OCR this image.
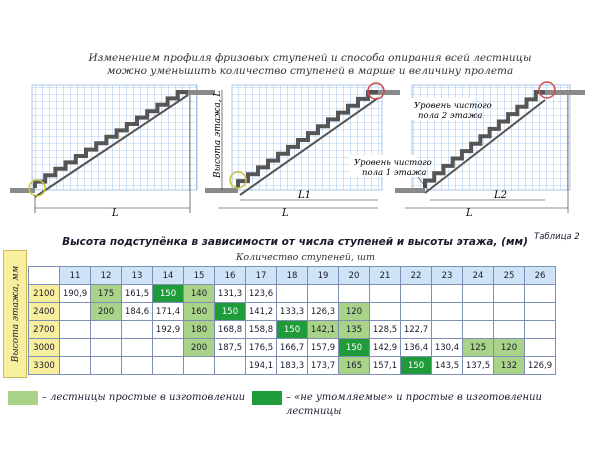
Изменением профиля фризовых ступеней и способа опирания всей лестницы
можно уменьшить количество ступеней в марше и величину пролета
L
Высота этажа, L
L1
L
Уровень чистого
пола 2 этажа
Уровень чистого
пола 1 этажа
L2
L
Высота подступёнка в зависимости от числа ступеней и высоты этажа, (мм) Таблица 2
Высота этажа, мм
Количество ступеней, шт
	11	12	13	14	15	16	17	18	19	20	21	22	23	24	25	26
2100	190,9	175	161,5	150	140	131,3	123,6									
2400		200	184,6	171,4	160	150	141,2	133,3	126,3	120						
2700				192,9	180	168,8	158,8	150	142,1	135	128,5	122,7				
3000					200	187,5	176,5	166,7	157,9	150	142,9	136,4	130,4	125	120	
3300							194,1	183,3	173,7	165	157,1	150	143,5	137,5	132	126,9
– лестницы простые в изготовлении	– «не утомляемые» и простые в изготовлении лестницы
